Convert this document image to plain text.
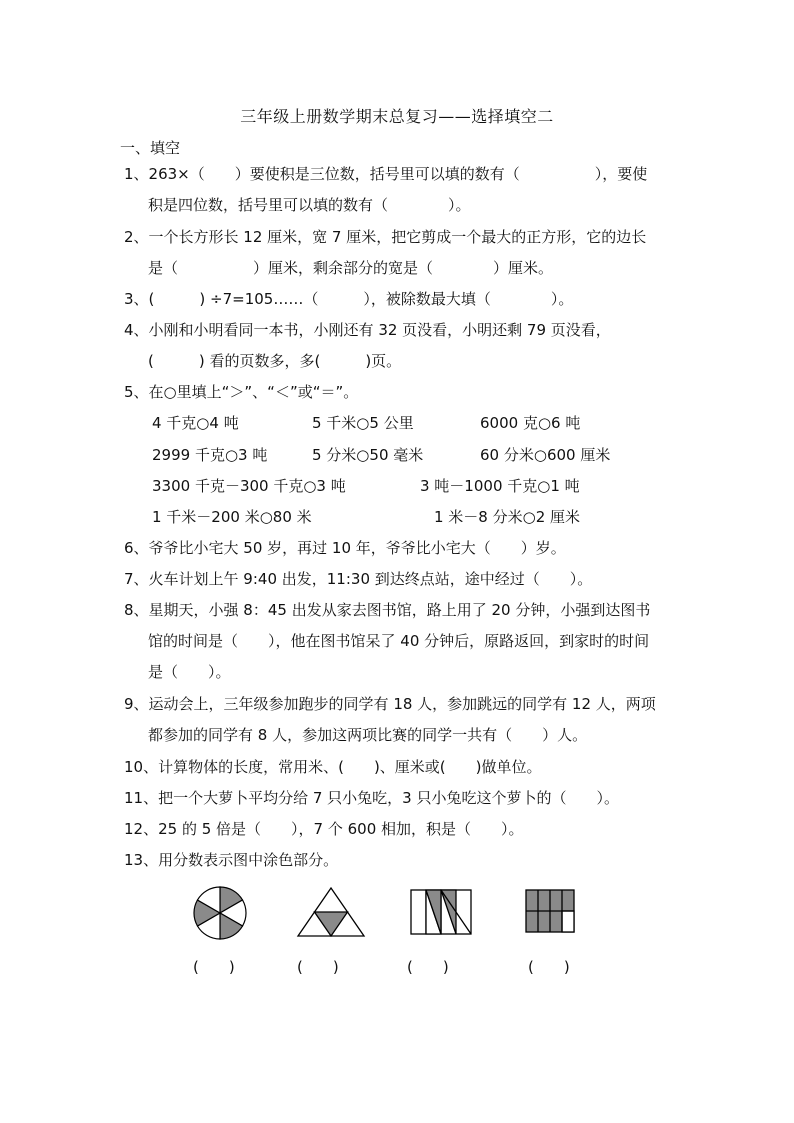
三年级上册数学期末总复习——选择填空二
一、填空
1、263×（　　）要使积是三位数，括号里可以填的数有（　　　　　），要使
积是四位数，括号里可以填的数有（　　　　）。
2、一个长方形长 12 厘米，宽 7 厘米，把它剪成一个最大的正方形，它的边长
是（　　　　　）厘米，剩余部分的宽是（　　　　）厘米。
3、(　　　) ÷7=105……（　　　），被除数最大填（　　　　）。
4、小刚和小明看同一本书，小刚还有 32 页没看，小明还剩 79 页没看，
(　　　) 看的页数多，多(　　　)页。
5、在○里填上“＞”、“＜”或“＝”。
4 千克○4 吨	5 千米○5 公里	6000 克○6 吨
2999 千克○3 吨	5 分米○50 毫米	60 分米○600 厘米
3300 千克－300 千克○3 吨	3 吨－1000 千克○1 吨
1 千米－200 米○80 米	1 米－8 分米○2 厘米
6、爷爷比小宅大 50 岁，再过 10 年，爷爷比小宅大（　　）岁。
7、火车计划上午 9:40 出发，11:30 到达终点站，途中经过（　　）。
8、星期天，小强 8：45 出发从家去图书馆，路上用了 20 分钟，小强到达图书
馆的时间是（　　），他在图书馆呆了 40 分钟后，原路返回，到家时的时间
是（　　）。
9、运动会上，三年级参加跑步的同学有 18 人，参加跳远的同学有 12 人，两项
都参加的同学有 8 人，参加这两项比赛的同学一共有（　　）人。
10、计算物体的长度，常用米、(　　)、厘米或(　　)做单位。
11、把一个大萝卜平均分给 7 只小兔吃，3 只小兔吃这个萝卜的（　　）。
12、25 的 5 倍是（　　），7 个 600 相加，积是（　　）。
13、用分数表示图中涂色部分。
(　　)	(　　)	(　　)	(　　)
